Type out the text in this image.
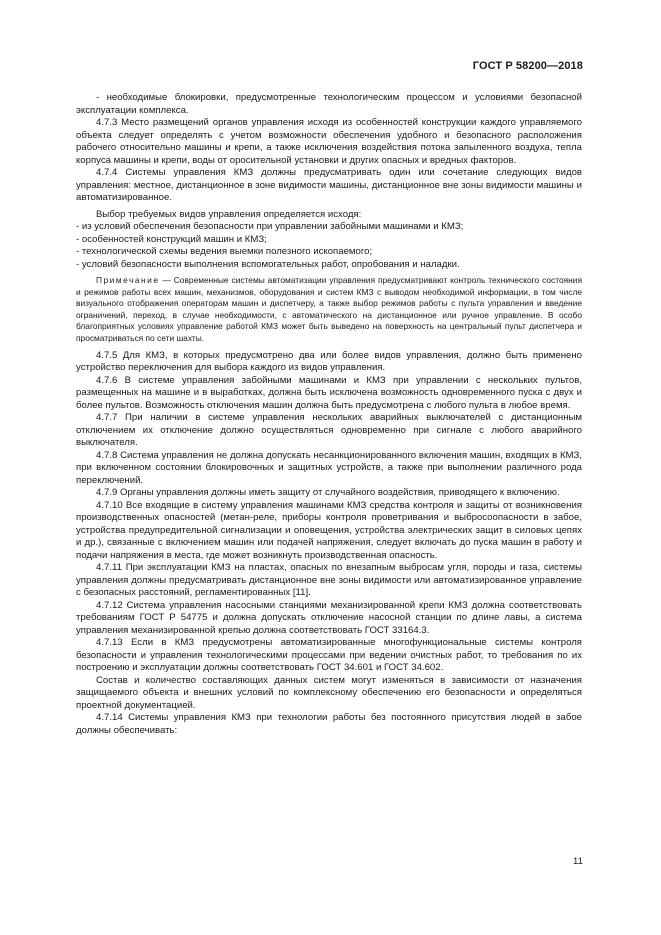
ГОСТ Р 58200—2018

- необходимые блокировки, предусмотренные технологическим процессом и условиями безопасной эксплуатации комплекса.

4.7.3 Место размещений органов управления исходя из особенностей конструкции каждого управляемого объекта следует определять с учетом возможности обеспечения удобного и безопасного расположения рабочего относительно машины и крепи, а также исключения воздействия потока запыленного воздуха, тепла корпуса машины и крепи, воды от оросительной установки и других опасных и вредных факторов.

4.7.4 Системы управления КМЗ должны предусматривать один или сочетание следующих видов управления: местное, дистанционное в зоне видимости машины, дистанционное вне зоны видимости машины и автоматизированное.

Выбор требуемых видов управления определяется исходя:

- из условий обеспечения безопасности при управлении забойными машинами и КМЗ;

- особенностей конструкций машин и КМЗ;

- технологической схемы ведения выемки полезного ископаемого;

- условий безопасности выполнения вспомогательных работ, опробования и наладки.

Примечание — Современные системы автоматизации управления предусматривают контроль технического состояния и режимов работы всех машин, механизмов, оборудования и систем КМЗ с выводом необходимой информации, в том числе визуального отображения операторам машин и диспетчеру, а также выбор режимов работы с пульта управления и введение ограничений, переход, в случае необходимости, с автоматического на дистанционное или ручное управление. В особо благоприятных условиях управление работой КМЗ может быть выведено на поверхность на центральный пульт диспетчера и просматриваться по сети шахты.

4.7.5 Для КМЗ, в которых предусмотрено два или более видов управления, должно быть применено устройство переключения для выбора каждого из видов управления.

4.7.6 В системе управления забойными машинами и КМЗ при управлении с нескольких пультов, размещенных на машине и в выработках, должна быть исключена возможность одновременного пуска с двух и более пультов. Возможность отключения машин должна быть предусмотрена с любого пульта в любое время.

4.7.7 При наличии в системе управления нескольких аварийных выключателей с дистанционным отключением их отключение должно осуществляться одновременно при сигнале с любого аварийного выключателя.

4.7.8 Система управления не должна допускать несанкционированного включения машин, входящих в КМЗ, при включенном состоянии блокировочных и защитных устройств, а также при выполнении различного рода переключений.

4.7.9 Органы управления должны иметь защиту от случайного воздействия, приводящего к включению.

4.7.10 Все входящие в систему управления машинами КМЗ средства контроля и защиты от возникновения производственных опасностей (метан-реле, приборы контроля проветривания и выбросоопасности в забое, устройства предупредительной сигнализации и оповещения, устройства электрических защит в силовых цепях и др.), связанные с включением машин или подачей напряжения, следует включать до пуска машин в работу и подачи напряжения в места, где может возникнуть производственная опасность.

4.7.11 При эксплуатации КМЗ на пластах, опасных по внезапным выбросам угля, породы и газа, системы управления должны предусматривать дистанционное вне зоны видимости или автоматизированное управление с безопасных расстояний, регламентированных [11].

4.7.12 Система управления насосными станциями механизированной крепи КМЗ должна соответствовать требованиям ГОСТ Р 54775 и должна допускать отключение насосной станции по длине лавы, а система управления механизированной крепью должна соответствовать ГОСТ 33164.3.

4.7.13 Если в КМЗ предусмотрены автоматизированные многофункциональные системы контроля безопасности и управления технологическими процессами при ведении очистных работ, то требования по их построению и эксплуатации должны соответствовать ГОСТ 34.601 и ГОСТ 34.602.

Состав и количество составляющих данных систем могут изменяться в зависимости от назначения защищаемого объекта и внешних условий по комплексному обеспечению его безопасности и определяться проектной документацией.

4.7.14 Системы управления КМЗ при технологии работы без постоянного присутствия людей в забое должны обеспечивать:

11
